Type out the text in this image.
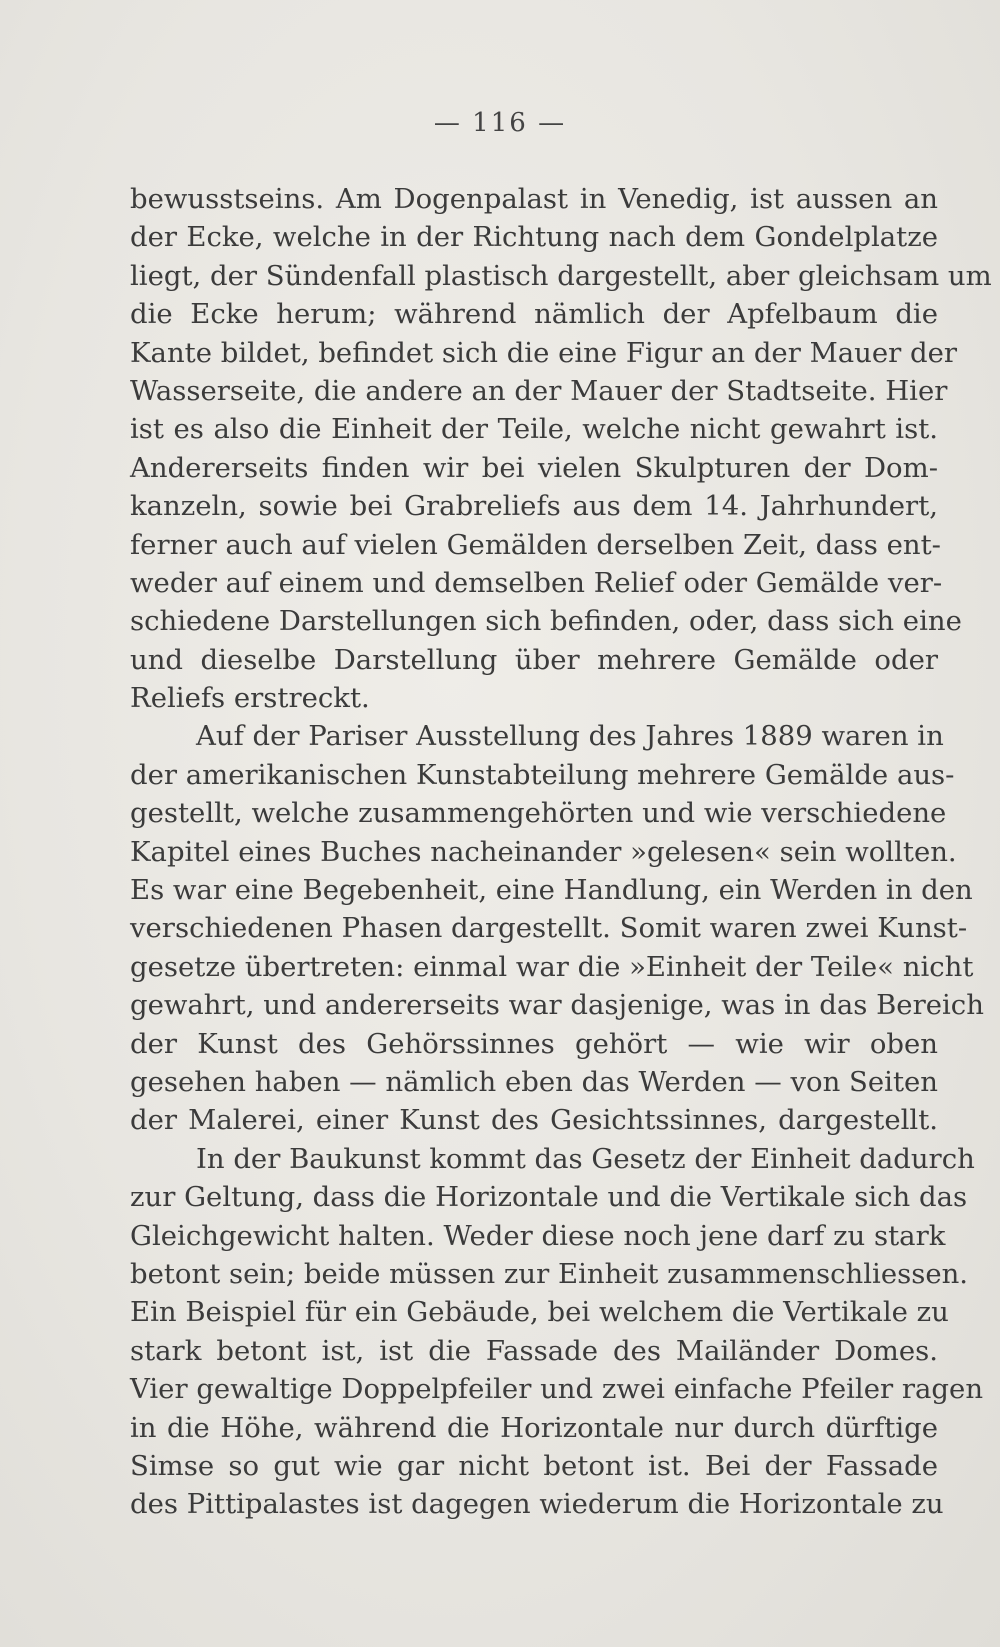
— 116 —
bewusstseins. Am Dogenpalast in Venedig, ist aussen an
der Ecke, welche in der Richtung nach dem Gondelplatze
liegt, der Sündenfall plastisch dargestellt, aber gleichsam um
die Ecke herum; während nämlich der Apfelbaum die
Kante bildet, befindet sich die eine Figur an der Mauer der
Wasserseite, die andere an der Mauer der Stadtseite. Hier
ist es also die Einheit der Teile, welche nicht gewahrt ist.
Andererseits finden wir bei vielen Skulpturen der Dom-
kanzeln, sowie bei Grabreliefs aus dem 14. Jahrhundert,
ferner auch auf vielen Gemälden derselben Zeit, dass ent-
weder auf einem und demselben Relief oder Gemälde ver-
schiedene Darstellungen sich befinden, oder, dass sich eine
und dieselbe Darstellung über mehrere Gemälde oder
Reliefs erstreckt.
Auf der Pariser Ausstellung des Jahres 1889 waren in
der amerikanischen Kunstabteilung mehrere Gemälde aus-
gestellt, welche zusammengehörten und wie verschiedene
Kapitel eines Buches nacheinander »gelesen« sein wollten.
Es war eine Begebenheit, eine Handlung, ein Werden in den
verschiedenen Phasen dargestellt. Somit waren zwei Kunst-
gesetze übertreten: einmal war die »Einheit der Teile« nicht
gewahrt, und andererseits war dasjenige, was in das Bereich
der Kunst des Gehörssinnes gehört — wie wir oben
gesehen haben — nämlich eben das Werden — von Seiten
der Malerei, einer Kunst des Gesichtssinnes, dargestellt.
In der Baukunst kommt das Gesetz der Einheit dadurch
zur Geltung, dass die Horizontale und die Vertikale sich das
Gleichgewicht halten. Weder diese noch jene darf zu stark
betont sein; beide müssen zur Einheit zusammenschliessen.
Ein Beispiel für ein Gebäude, bei welchem die Vertikale zu
stark betont ist, ist die Fassade des Mailänder Domes.
Vier gewaltige Doppelpfeiler und zwei einfache Pfeiler ragen
in die Höhe, während die Horizontale nur durch dürftige
Simse so gut wie gar nicht betont ist. Bei der Fassade
des Pittipalastes ist dagegen wiederum die Horizontale zu
